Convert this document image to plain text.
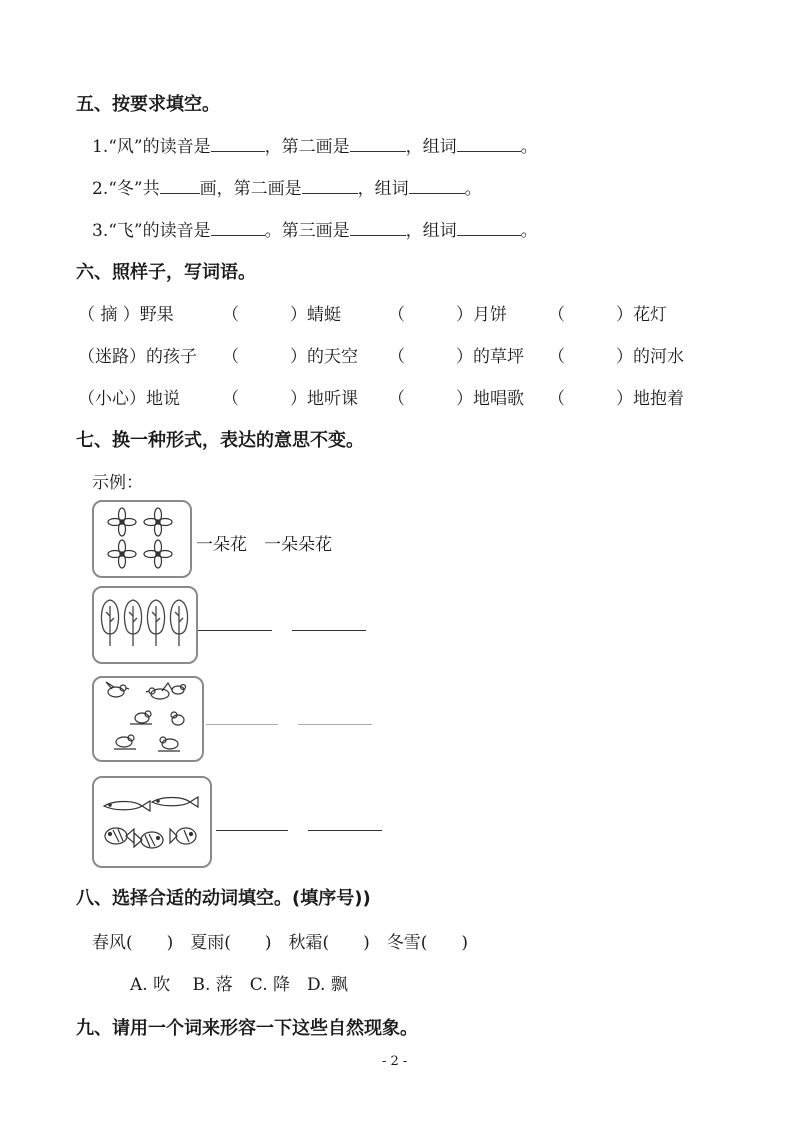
五、按要求填空。
1.“风”的读音是	，第二画是	，组词	。
2.“冬”共 画，第二画是	，组词	。
3.“飞”的读音是	。第三画是	，组词	。
六、照样子，写词语。
（ 摘 ）野果	（　　　）蜻蜓	（　　　）月饼 （　　　）花灯
（迷路）的孩子 （　　　）的天空 （　　　）的草坪 （　　　）的河水
（小心）地说 （　　　）地听课 （　　　）地唱歌 （　　　）地抱着
七、换一种形式，表达的意思不变。
示例：
一朵花　一朵朵花
八、选择合适的动词填空。(填序号))
春风(　　)　夏雨(　　)　秋霜(　　)　冬雪(　　)
A. 吹　 B. 落　C. 降　D. 飘
九、请用一个词来形容一下这些自然现象。
- 2 -
